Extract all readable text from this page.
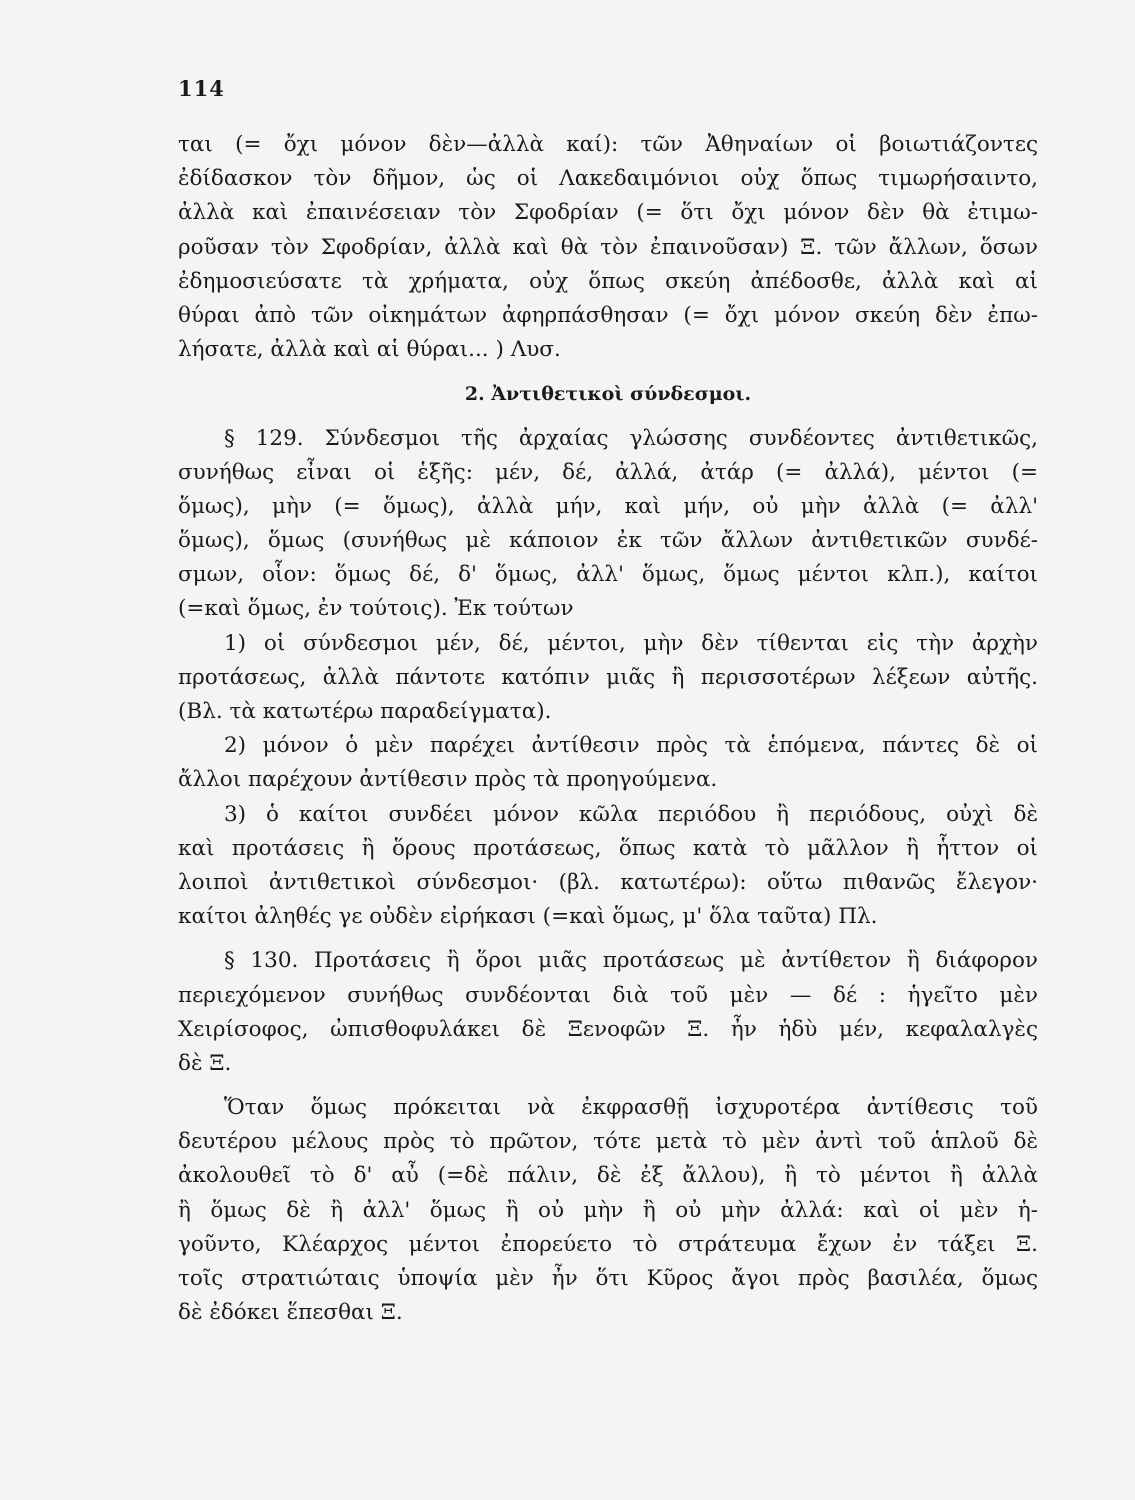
114
ται (= ὄχι μόνον δὲν—ἀλλὰ καί): τῶν Ἀθηναίων οἱ βοιωτιάζοντες
ἐδίδασκον τὸν δῆμον, ὡς οἱ Λακεδαιμόνιοι οὐχ ὅπως τιμωρήσαιντο,
ἀλλὰ καὶ ἐπαινέσειαν τὸν Σφοδρίαν (= ὅτι ὄχι μόνον δὲν θὰ ἐτιμω-
ροῦσαν τὸν Σφοδρίαν, ἀλλὰ καὶ θὰ τὸν ἐπαινοῦσαν) Ξ. τῶν ἄλλων, ὅσων
ἐδημοσιεύσατε τὰ χρήματα, οὐχ ὅπως σκεύη ἀπέδοσθε, ἀλλὰ καὶ αἱ
θύραι ἀπὸ τῶν οἰκημάτων ἀφηρπάσθησαν (= ὄχι μόνον σκεύη δὲν ἐπω-
λήσατε, ἀλλὰ καὶ αἱ θύραι... ) Λυσ.
2. Ἀντιθετικοὶ σύνδεσμοι.
§ 129. Σύνδεσμοι τῆς ἀρχαίας γλώσσης συνδέοντες ἀντιθετικῶς,
συνήθως εἶναι οἱ ἑξῆς: μέν, δέ, ἀλλά, ἀτάρ (= ἀλλά), μέντοι (=
ὅμως), μὴν (= ὅμως), ἀλλὰ μήν, καὶ μήν, οὐ μὴν ἀλλὰ (= ἀλλ'
ὅμως), ὅμως (συνήθως μὲ κάποιον ἐκ τῶν ἄλλων ἀντιθετικῶν συνδέ-
σμων, οἷον: ὅμως δέ, δ' ὅμως, ἀλλ' ὅμως, ὅμως μέντοι κλπ.), καίτοι
(=καὶ ὅμως, ἐν τούτοις). Ἐκ τούτων
1) οἱ σύνδεσμοι μέν, δέ, μέντοι, μὴν δὲν τίθενται εἰς τὴν ἀρχὴν
προτάσεως, ἀλλὰ πάντοτε κατόπιν μιᾶς ἢ περισσοτέρων λέξεων αὐτῆς.
(Βλ. τὰ κατωτέρω παραδείγματα).
2) μόνον ὁ μὲν παρέχει ἀντίθεσιν πρὸς τὰ ἑπόμενα, πάντες δὲ οἱ
ἄλλοι παρέχουν ἀντίθεσιν πρὸς τὰ προηγούμενα.
3) ὁ καίτοι συνδέει μόνον κῶλα περιόδου ἢ περιόδους, οὐχὶ δὲ
καὶ προτάσεις ἢ ὅρους προτάσεως, ὅπως κατὰ τὸ μᾶλλον ἢ ἧττον οἱ
λοιποὶ ἀντιθετικοὶ σύνδεσμοι· (βλ. κατωτέρω): οὕτω πιθανῶς ἔλεγον·
καίτοι ἀληθές γε οὐδὲν εἰρήκασι (=καὶ ὅμως, μ' ὅλα ταῦτα) Πλ.
§ 130. Προτάσεις ἢ ὅροι μιᾶς προτάσεως μὲ ἀντίθετον ἢ διάφορον
περιεχόμενον συνήθως συνδέονται διὰ τοῦ μὲν — δέ : ἡγεῖτο μὲν
Χειρίσοφος, ὠπισθοφυλάκει δὲ Ξενοφῶν Ξ. ἦν ἡδὺ μέν, κεφαλαλγὲς
δὲ Ξ.
Ὅταν ὅμως πρόκειται νὰ ἐκφρασθῇ ἰσχυροτέρα ἀντίθεσις τοῦ
δευτέρου μέλους πρὸς τὸ πρῶτον, τότε μετὰ τὸ μὲν ἀντὶ τοῦ ἁπλοῦ δὲ
ἀκολουθεῖ τὸ δ' αὖ (=δὲ πάλιν, δὲ ἐξ ἄλλου), ἢ τὸ μέντοι ἢ ἀλλὰ
ἢ ὅμως δὲ ἢ ἀλλ' ὅμως ἢ οὐ μὴν ἢ οὐ μὴν ἀλλά: καὶ οἱ μὲν ἡ-
γοῦντο, Κλέαρχος μέντοι ἐπορεύετο τὸ στράτευμα ἔχων ἐν τάξει Ξ.
τοῖς στρατιώταις ὑποψία μὲν ἦν ὅτι Κῦρος ἄγοι πρὸς βασιλέα, ὅμως
δὲ ἐδόκει ἕπεσθαι Ξ.
